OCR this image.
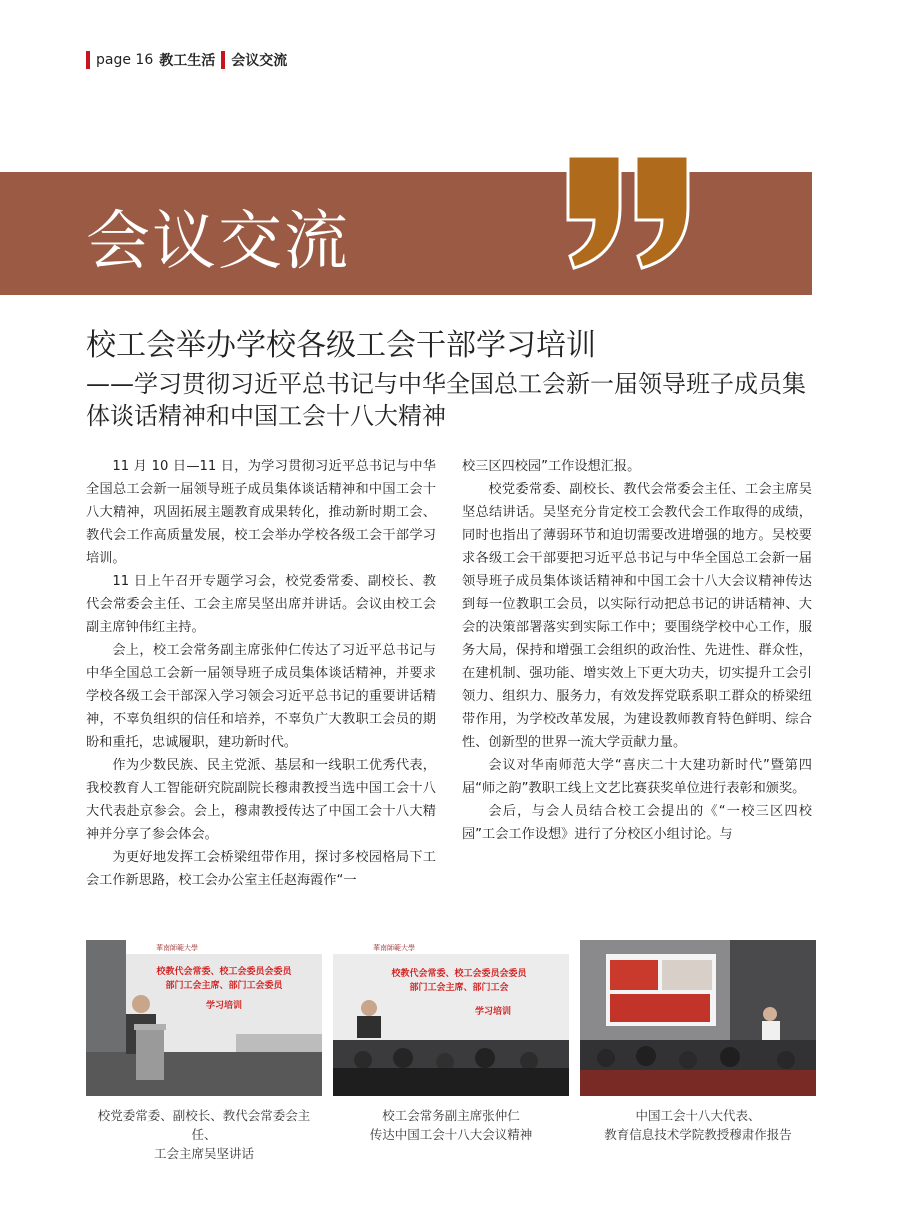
page 16 教工生活 会议交流
会议交流
校工会举办学校各级工会干部学习培训
——学习贯彻习近平总书记与中华全国总工会新一届领导班子成员集体谈话精神和中国工会十八大精神

11 月 10 日—11 日，为学习贯彻习近平总书记与中华全国总工会新一届领导班子成员集体谈话精神和中国工会十八大精神，巩固拓展主题教育成果转化，推动新时期工会、教代会工作高质量发展，校工会举办学校各级工会干部学习培训。

11 日上午召开专题学习会，校党委常委、副校长、教代会常委会主任、工会主席吴坚出席并讲话。会议由校工会副主席钟伟红主持。

会上，校工会常务副主席张仲仁传达了习近平总书记与中华全国总工会新一届领导班子成员集体谈话精神，并要求学校各级工会干部深入学习领会习近平总书记的重要讲话精神，不辜负组织的信任和培养，不辜负广大教职工会员的期盼和重托，忠诚履职，建功新时代。

作为少数民族、民主党派、基层和一线职工优秀代表，我校教育人工智能研究院副院长穆肃教授当选中国工会十八大代表赴京参会。会上，穆肃教授传达了中国工会十八大精神并分享了参会体会。

为更好地发挥工会桥梁纽带作用，探讨多校园格局下工会工作新思路，校工会办公室主任赵海霞作“一

校三区四校园”工作设想汇报。

校党委常委、副校长、教代会常委会主任、工会主席吴坚总结讲话。吴坚充分肯定校工会教代会工作取得的成绩，同时也指出了薄弱环节和迫切需要改进增强的地方。吴校要求各级工会干部要把习近平总书记与中华全国总工会新一届领导班子成员集体谈话精神和中国工会十八大会议精神传达到每一位教职工会员，以实际行动把总书记的讲话精神、大会的决策部署落实到实际工作中；要围绕学校中心工作，服务大局，保持和增强工会组织的政治性、先进性、群众性，在建机制、强功能、增实效上下更大功夫，切实提升工会引领力、组织力、服务力，有效发挥党联系职工群众的桥梁纽带作用，为学校改革发展，为建设教师教育特色鲜明、综合性、创新型的世界一流大学贡献力量。

会议对华南师范大学“喜庆二十大建功新时代”暨第四届“师之韵”教职工线上文艺比赛获奖单位进行表彰和颁奖。

会后，与会人员结合校工会提出的《“一校三区四校园”工会工作设想》进行了分校区小组讨论。与

華南師範大學
校教代会常委、校工会委员会委员
部门工会主席、部门工会委员
学习培训
校党委常委、副校长、教代会常委会主任、
工会主席吴坚讲话
華南師範大學
校教代会常委、校工会委员会委员
部门工会主席、部门工会
学习培训
校工会常务副主席张仲仁
传达中国工会十八大会议精神
中国工会十八大代表、
教育信息技术学院教授穆肃作报告
